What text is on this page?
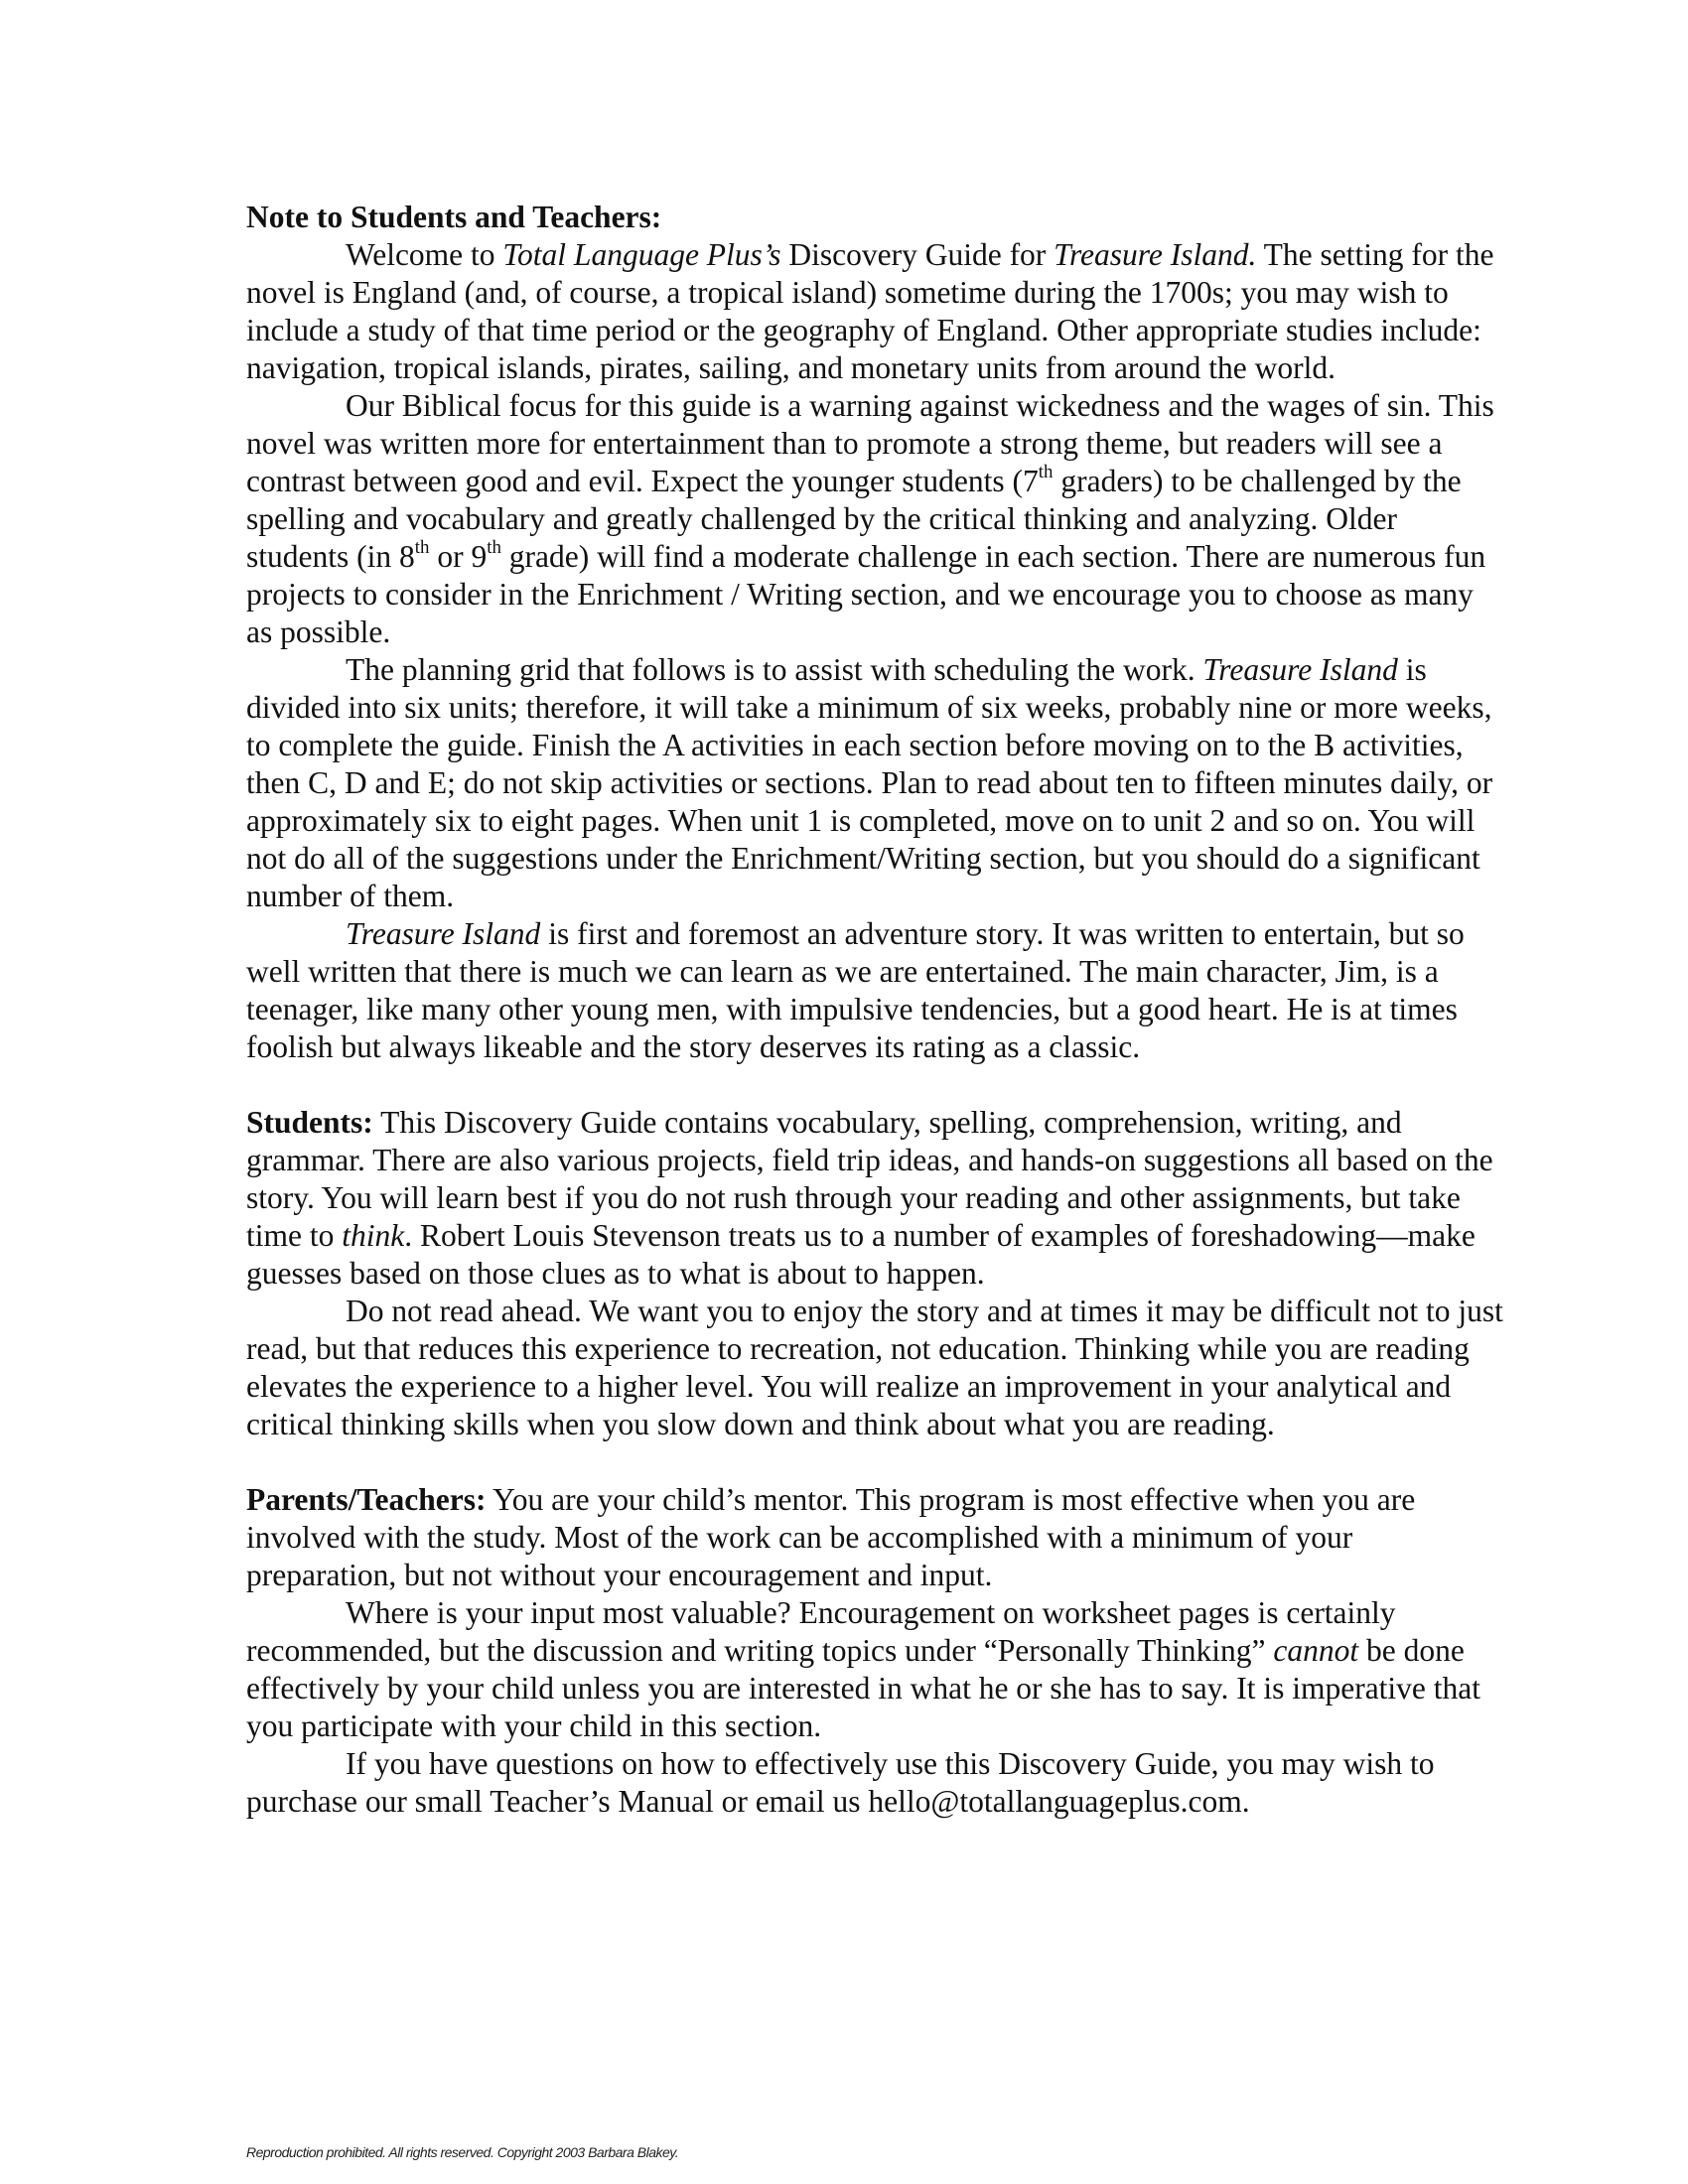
Note to Students and Teachers:

Welcome to Total Language Plus’s Discovery Guide for Treasure Island. The setting for the novel is England (and, of course, a tropical island) sometime during the 1700s; you may wish to include a study of that time period or the geography of England. Other appropriate studies include: navigation, tropical islands, pirates, sailing, and monetary units from around the world.

Our Biblical focus for this guide is a warning against wickedness and the wages of sin. This novel was written more for entertainment than to promote a strong theme, but readers will see a contrast between good and evil. Expect the younger students (7th graders) to be challenged by the spelling and vocabulary and greatly challenged by the critical thinking and analyzing. Older students (in 8th or 9th grade) will find a moderate challenge in each section. There are numerous fun projects to consider in the Enrichment / Writing section, and we encourage you to choose as many as possible.

The planning grid that follows is to assist with scheduling the work. Treasure Island is divided into six units; therefore, it will take a minimum of six weeks, probably nine or more weeks, to complete the guide. Finish the A activities in each section before moving on to the B activities, then C, D and E; do not skip activities or sections. Plan to read about ten to fifteen minutes daily, or approximately six to eight pages. When unit 1 is completed, move on to unit 2 and so on. You will not do all of the suggestions under the Enrichment/Writing section, but you should do a significant number of them.

Treasure Island is first and foremost an adventure story. It was written to entertain, but so well written that there is much we can learn as we are entertained. The main character, Jim, is a teenager, like many other young men, with impulsive tendencies, but a good heart. He is at times foolish but always likeable and the story deserves its rating as a classic.

Students: This Discovery Guide contains vocabulary, spelling, comprehension, writing, and grammar. There are also various projects, field trip ideas, and hands-on suggestions all based on the story. You will learn best if you do not rush through your reading and other assignments, but take time to think. Robert Louis Stevenson treats us to a number of examples of foreshadowing—make guesses based on those clues as to what is about to happen.

Do not read ahead. We want you to enjoy the story and at times it may be difficult not to just read, but that reduces this experience to recreation, not education. Thinking while you are reading elevates the experience to a higher level. You will realize an improvement in your analytical and critical thinking skills when you slow down and think about what you are reading.

Parents/Teachers: You are your child’s mentor. This program is most effective when you are involved with the study. Most of the work can be accomplished with a minimum of your preparation, but not without your encouragement and input.

Where is your input most valuable? Encouragement on worksheet pages is certainly recommended, but the discussion and writing topics under “Personally Thinking” cannot be done effectively by your child unless you are interested in what he or she has to say. It is imperative that you participate with your child in this section.

If you have questions on how to effectively use this Discovery Guide, you may wish to purchase our small Teacher’s Manual or email us hello@totallanguageplus.com.

Reproduction prohibited. All rights reserved. Copyright 2003 Barbara Blakey.
